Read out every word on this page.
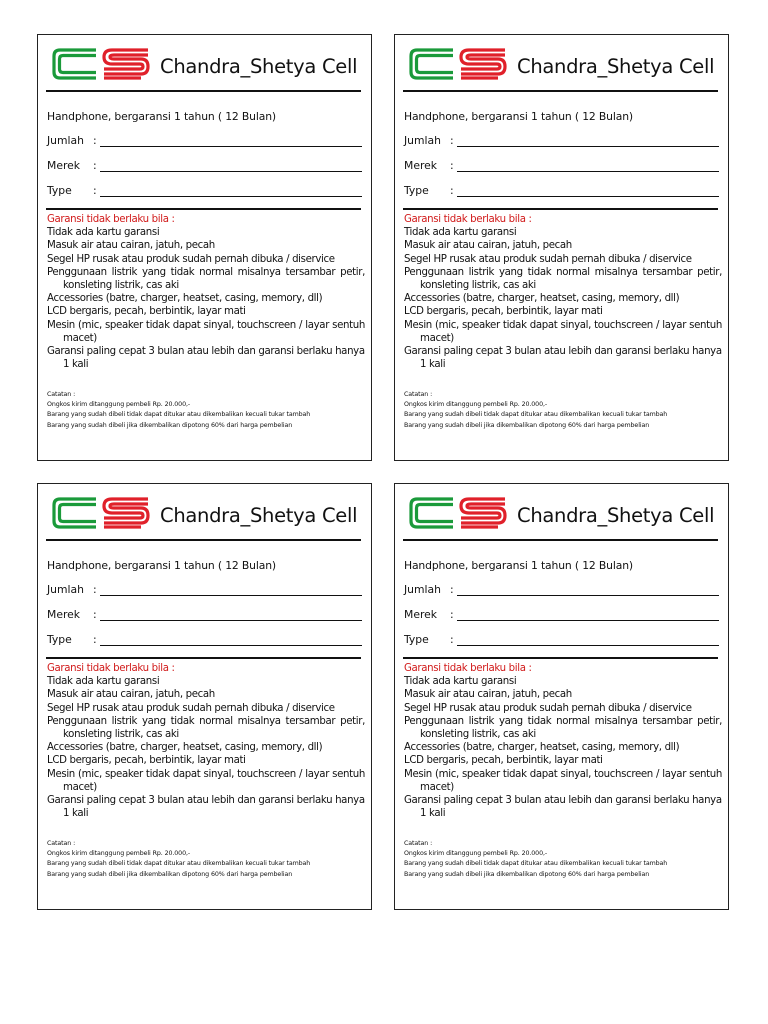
Chandra_Shetya Cell
Handphone, bergaransi 1 tahun ( 12 Bulan)
Jumlah :
Merek :
Type :
Garansi tidak berlaku bila :
Tidak ada kartu garansi
Masuk air atau cairan, jatuh, pecah
Segel HP rusak atau produk sudah pernah dibuka / diservice
Penggunaan listrik yang tidak normal misalnya tersambar petir, konsleting listrik, cas aki
Accessories (batre, charger, heatset, casing, memory, dll)
LCD bergaris, pecah, berbintik, layar mati
Mesin (mic, speaker tidak dapat sinyal, touchscreen / layar sentuh macet)
Garansi paling cepat 3 bulan atau lebih dan garansi berlaku hanya 1 kali
Catatan :
Ongkos kirim ditanggung pembeli Rp. 20.000,-
Barang yang sudah dibeli tidak dapat ditukar atau dikembalikan kecuali tukar tambah
Barang yang sudah dibeli jika dikembalikan dipotong 60% dari harga pembelian
Chandra_Shetya Cell
Handphone, bergaransi 1 tahun ( 12 Bulan)
Jumlah :
Merek :
Type :
Garansi tidak berlaku bila :
Tidak ada kartu garansi
Masuk air atau cairan, jatuh, pecah
Segel HP rusak atau produk sudah pernah dibuka / diservice
Penggunaan listrik yang tidak normal misalnya tersambar petir, konsleting listrik, cas aki
Accessories (batre, charger, heatset, casing, memory, dll)
LCD bergaris, pecah, berbintik, layar mati
Mesin (mic, speaker tidak dapat sinyal, touchscreen / layar sentuh macet)
Garansi paling cepat 3 bulan atau lebih dan garansi berlaku hanya 1 kali
Catatan :
Ongkos kirim ditanggung pembeli Rp. 20.000,-
Barang yang sudah dibeli tidak dapat ditukar atau dikembalikan kecuali tukar tambah
Barang yang sudah dibeli jika dikembalikan dipotong 60% dari harga pembelian
Chandra_Shetya Cell
Handphone, bergaransi 1 tahun ( 12 Bulan)
Jumlah :
Merek :
Type :
Garansi tidak berlaku bila :
Tidak ada kartu garansi
Masuk air atau cairan, jatuh, pecah
Segel HP rusak atau produk sudah pernah dibuka / diservice
Penggunaan listrik yang tidak normal misalnya tersambar petir, konsleting listrik, cas aki
Accessories (batre, charger, heatset, casing, memory, dll)
LCD bergaris, pecah, berbintik, layar mati
Mesin (mic, speaker tidak dapat sinyal, touchscreen / layar sentuh macet)
Garansi paling cepat 3 bulan atau lebih dan garansi berlaku hanya 1 kali
Catatan :
Ongkos kirim ditanggung pembeli Rp. 20.000,-
Barang yang sudah dibeli tidak dapat ditukar atau dikembalikan kecuali tukar tambah
Barang yang sudah dibeli jika dikembalikan dipotong 60% dari harga pembelian
Chandra_Shetya Cell
Handphone, bergaransi 1 tahun ( 12 Bulan)
Jumlah :
Merek :
Type :
Garansi tidak berlaku bila :
Tidak ada kartu garansi
Masuk air atau cairan, jatuh, pecah
Segel HP rusak atau produk sudah pernah dibuka / diservice
Penggunaan listrik yang tidak normal misalnya tersambar petir, konsleting listrik, cas aki
Accessories (batre, charger, heatset, casing, memory, dll)
LCD bergaris, pecah, berbintik, layar mati
Mesin (mic, speaker tidak dapat sinyal, touchscreen / layar sentuh macet)
Garansi paling cepat 3 bulan atau lebih dan garansi berlaku hanya 1 kali
Catatan :
Ongkos kirim ditanggung pembeli Rp. 20.000,-
Barang yang sudah dibeli tidak dapat ditukar atau dikembalikan kecuali tukar tambah
Barang yang sudah dibeli jika dikembalikan dipotong 60% dari harga pembelian
